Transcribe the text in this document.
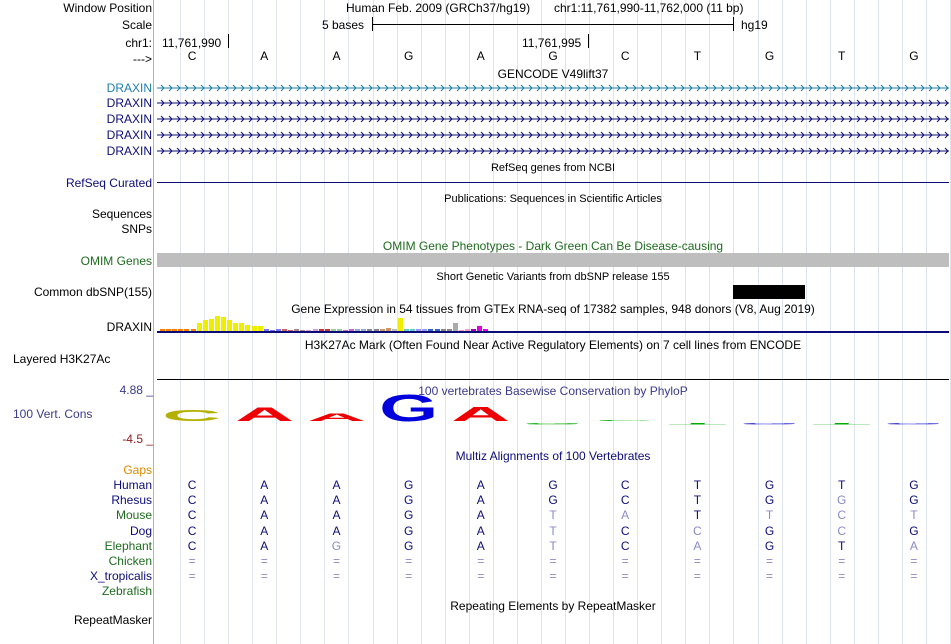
Window Position
Scale
chr1:
--->
Human Feb. 2009 (GRCh37/hg19) chr1:11,761,990-11,762,000 (11 bp)
5 bases	hg19
11,761,990	11,761,995
C	A	A	G	A	G	C	T	G	T	G
GENCODE V49lift37
DRAXIN
DRAXIN
DRAXIN
DRAXIN
DRAXIN
RefSeq genes from NCBI
RefSeq Curated
Publications: Sequences in Scientific Articles
Sequences
SNPs
OMIM Gene Phenotypes - Dark Green Can Be Disease-causing
OMIM Genes
Short Genetic Variants from dbSNP release 155
Common dbSNP(155)
Gene Expression in 54 tissues from GTEx RNA-seq of 17382 samples, 948 donors (V8, Aug 2019)
DRAXIN
H3K27Ac Mark (Often Found Near Active Regulatory Elements) on 7 cell lines from ENCODE
Layered H3K27Ac
100 vertebrates Basewise Conservation by PhyloP
4.88 _
100 Vert. Cons
-4.5 _
C A A G A G
C
T G T G
Multiz Alignments of 100 Vertebrates
Gaps
Human	C	A	A	G	A	G	C	T	G	T	G
Rhesus	C	A	A	G	A	G	C	T	G	G	G
Mouse	C	A	A	G	A	T	A	T	T	C	T
Dog	C	A	A	G	A	T	C	C	G	C	G
Elephant	C	A	G	G	A	T	C	A	G	T	A
Chicken	=	=	=	=	=	=	=	=	=	=	=
X_tropicalis	=	=	=	=	=	=	=	=	=	=	=
Zebrafish
Repeating Elements by RepeatMasker
RepeatMasker
